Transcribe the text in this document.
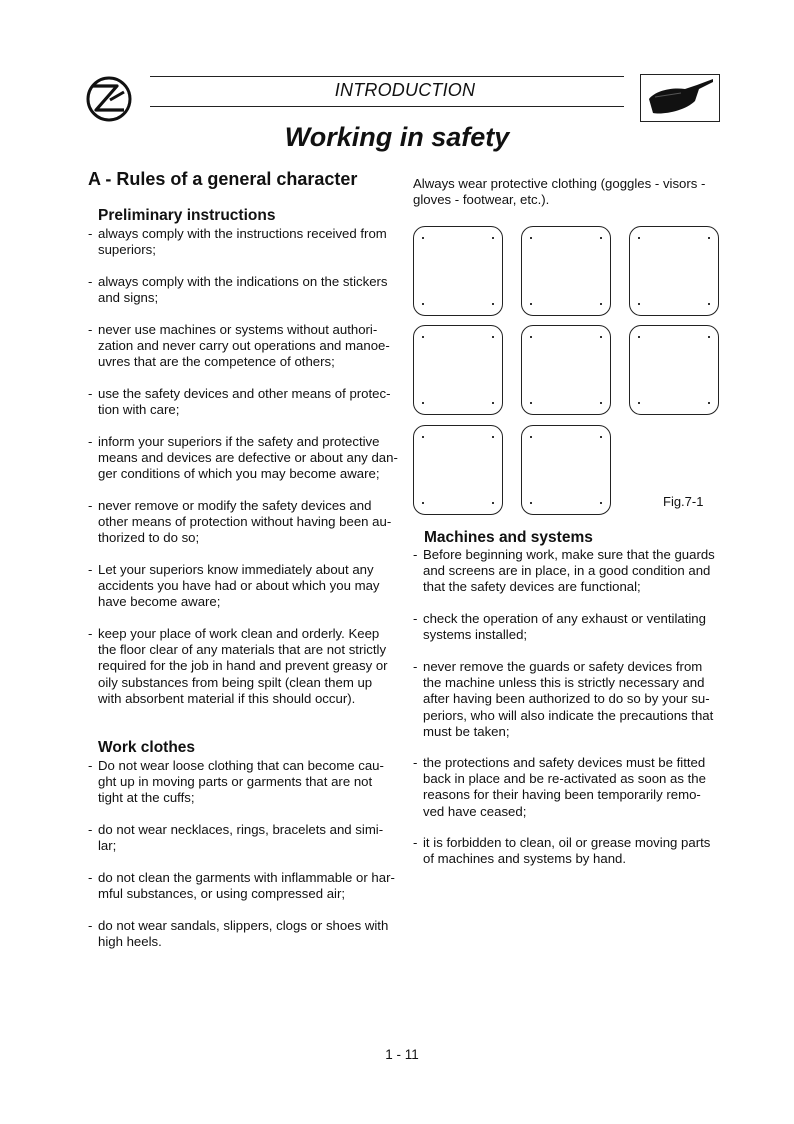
INTRODUCTION
Working in safety
A - Rules of a general character
Preliminary instructions
- always comply with the instructions received from
superiors;
- always comply with the indications on the stickers
and signs;
- never use machines or systems without authori-
zation and never carry out operations and manoe-
uvres that are the competence of others;
- use the safety devices and other means of protec-
tion with care;
- inform your superiors if the safety and protective
means and devices are defective or about any dan-
ger conditions of which you may become aware;
- never remove or modify the safety devices and
other means of protection without having been au-
thorized to do so;
- Let your superiors know immediately about any
accidents you have had or about which you may
have become aware;
- keep your place of work clean and orderly. Keep
the floor clear of any materials that are not strictly
required for the job in hand and prevent greasy or
oily substances from being spilt (clean them up
with absorbent material if this should occur).
Work clothes
- Do not wear loose clothing that can become cau-
ght up in moving parts or garments that are not
tight at the cuffs;
- do not wear necklaces, rings, bracelets and simi-
lar;
- do not clean the garments with inflammable or har-
mful substances, or using compressed air;
- do not wear sandals, slippers, clogs or shoes with
high heels.
Always wear protective clothing (goggles - visors -
gloves - footwear, etc.).
Fig.7-1
Machines and systems
- Before beginning work, make sure that the guards
and screens are in place, in a good condition and
that the safety devices are functional;
- check the operation of any exhaust or ventilating
systems installed;
- never remove the guards or safety devices from
the machine unless this is strictly necessary and
after having been authorized to do so by your su-
periors, who will also indicate the precautions that
must be taken;
- the protections and safety devices must be fitted
back in place and be re-activated as soon as the
reasons for their having been temporarily remo-
ved have ceased;
- it is forbidden to clean, oil or grease moving parts
of machines and systems by hand.
1 - 11
